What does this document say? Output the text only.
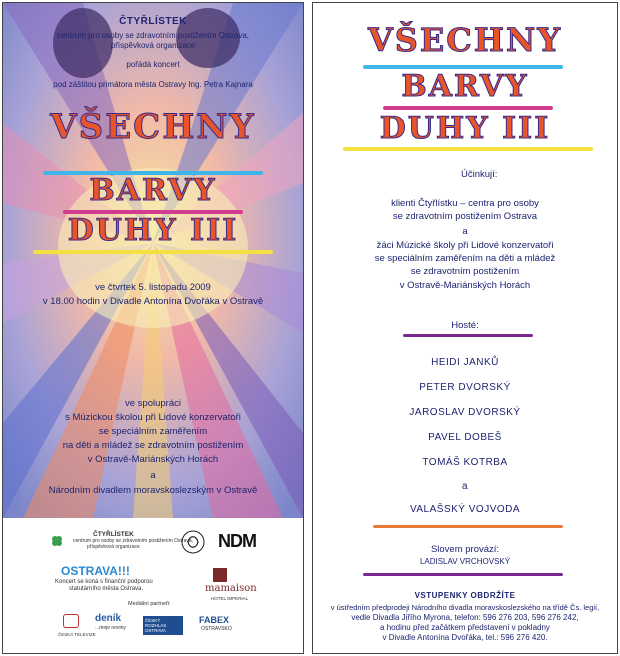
ČTYŘLÍSTEK
centrum pro osoby se zdravotním postižením Ostrava,
příspěvková organizace
pořádá koncert
pod záštitou primátora města Ostravy Ing. Petra Kajnara
VŠECHNY
BARVY
DUHY III
ve čtvrtek 5. listopadu 2009
v 18.00 hodin v Divadle Antonína Dvořáka v Ostravě
ve spolupráci
s Múzickou školou při Lidové konzervatoři
se speciálním zaměřením
na děti a mládež se zdravotním postižením
v Ostravě-Mariánských Horách
a
Národním divadlem moravskoslezským v Ostravě
ČTYŘLÍSTEK
centrum pro osoby se zdravotním postižením Ostrava,
příspěvková organizace	NDM
OSTRAVA!!!
Koncert se koná s finanční podporou
statutárního města Ostrava.	mamaison
HOTEL IMPERIAL
Mediální partneři:
ČESKÁ TELEVIZE
deník
...meje noviny
ČESKÝ ROZHLAS OSTRAVA
FABEX
OSTRAVSKO
VŠECHNY
BARVY
DUHY III
Účinkují:
klienti Čtyřlístku – centra pro osoby
se zdravotním postižením Ostrava
a
žáci Múzické školy při Lidové konzervatoři
se speciálním zaměřením na děti a mládež
se zdravotním postižením
v Ostravě-Mariánských Horách
Hosté:
HEIDI JANKŮ
PETER DVORSKÝ
JAROSLAV DVORSKÝ
PAVEL DOBEŠ
TOMÁŠ KOTRBA
a
VALAŠSKÝ VOJVODA
Slovem provází:
LADISLAV VRCHOVSKÝ
VSTUPENKY OBDRŽÍTE
v ústředním předprodeji Národního divadla moravskoslezského na třídě Čs. legií,
vedle Divadla Jiřího Myrona, telefon: 596 276 203, 596 276 242,
a hodinu před začátkem představení v pokladny
v Divadle Antonína Dvořáka, tel.: 596 276 420.
